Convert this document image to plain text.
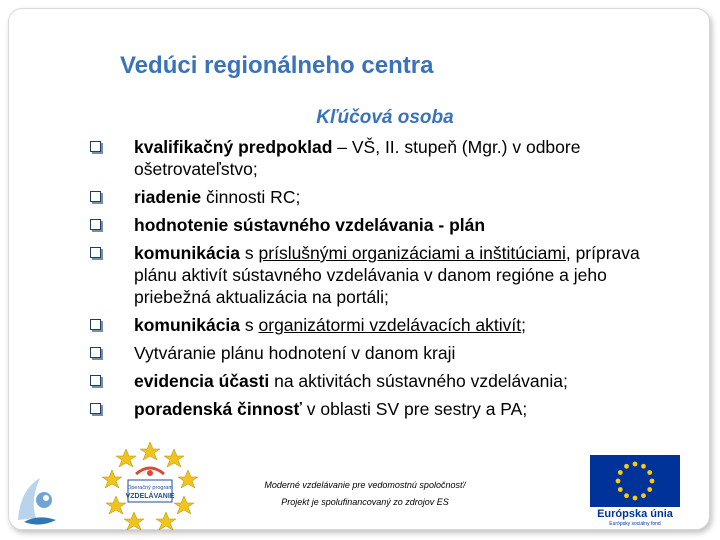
Vedúci regionálneho centra
Kľúčová osoba
kvalifikačný predpoklad – VŠ, II. stupeň (Mgr.) v odbore ošetrovateľstvo;
riadenie činnosti RC;
hodnotenie sústavného vzdelávania - plán
komunikácia s príslušnými organizáciami a inštitúciami, príprava plánu aktivít sústavného vzdelávania v danom regióne a jeho priebežná aktualizácia na portáli;
komunikácia s organizátormi vzdelávacích aktivít;
Vytváranie plánu hodnotení v danom kraji
evidencia účasti na aktivitách sústavného vzdelávania;
poradenská činnosť v oblasti SV pre sestry a PA;
Operačný program
VZDELÁVANIE
Moderné vzdelávanie pre vedomostnú spoločnosť/
Projekt je spolufinancovaný zo zdrojov ES
Európska únia
Európsky sociálny fond
